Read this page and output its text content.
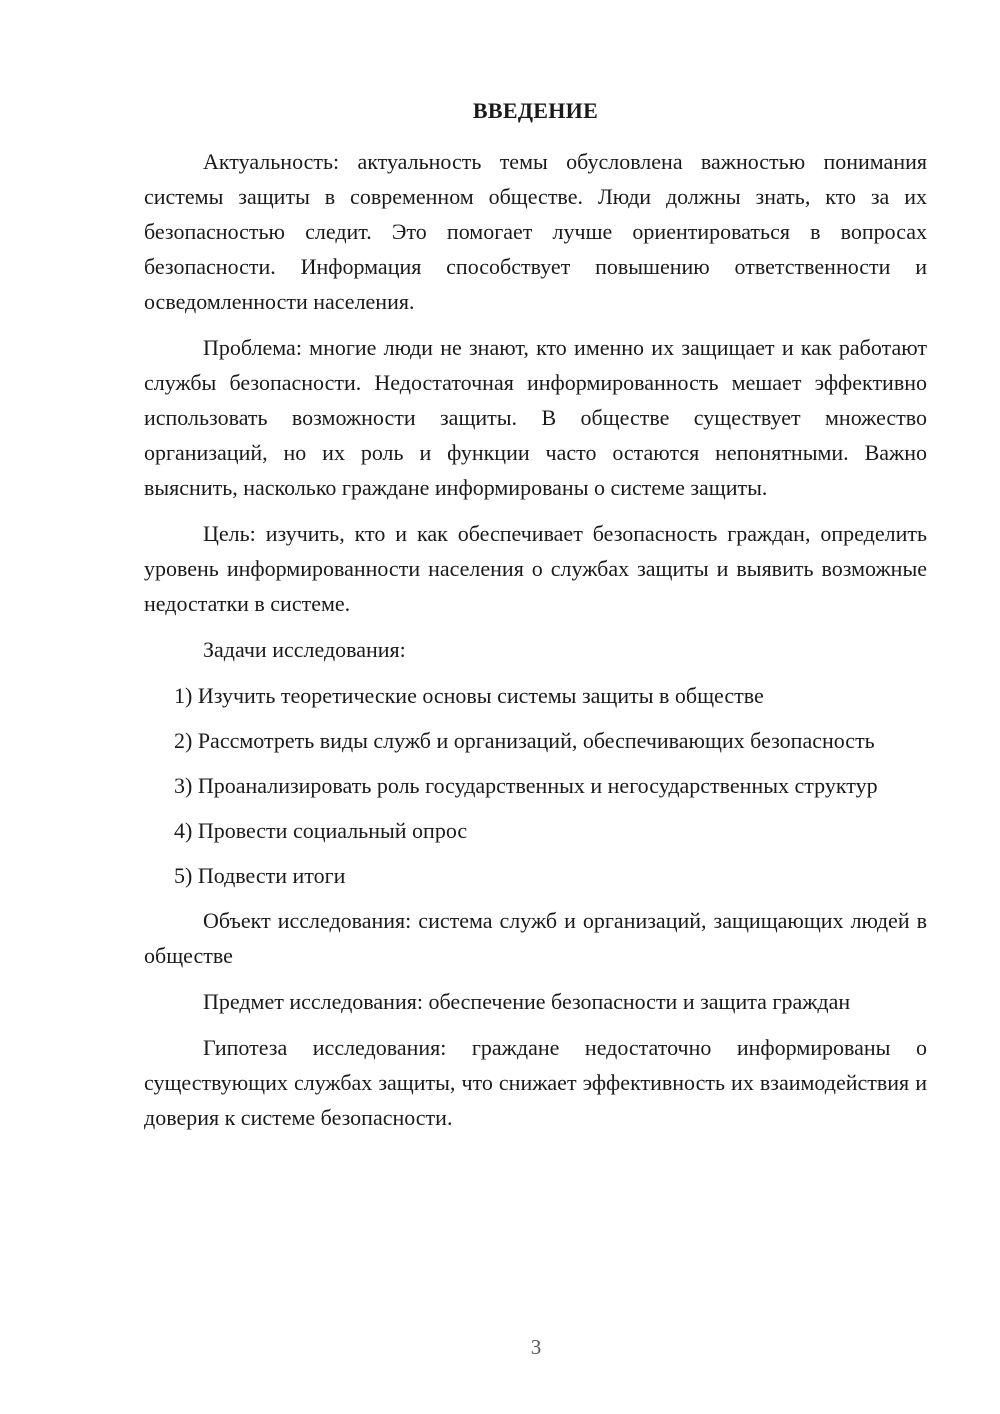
ВВЕДЕНИЕ

Актуальность: актуальность темы обусловлена важностью понимания системы защиты в современном обществе. Люди должны знать, кто за их безопасностью следит. Это помогает лучше ориентироваться в вопросах безопасности. Информация способствует повышению ответственности и осведомленности населения.

Проблема: многие люди не знают, кто именно их защищает и как работают службы безопасности. Недостаточная информированность мешает эффективно использовать возможности защиты. В обществе существует множество организаций, но их роль и функции часто остаются непонятными. Важно выяснить, насколько граждане информированы о системе защиты.

Цель: изучить, кто и как обеспечивает безопасность граждан, определить уровень информированности населения о службах защиты и выявить возможные недостатки в системе.

Задачи исследования:

1) Изучить теоретические основы системы защиты в обществе

2) Рассмотреть виды служб и организаций, обеспечивающих безопасность

3) Проанализировать роль государственных и негосударственных структур

4) Провести социальный опрос

5) Подвести итоги

Объект исследования: система служб и организаций, защищающих людей в обществе

Предмет исследования: обеспечение безопасности и защита граждан

Гипотеза исследования: граждане недостаточно информированы о существующих службах защиты, что снижает эффективность их взаимодействия и доверия к системе безопасности.

3
